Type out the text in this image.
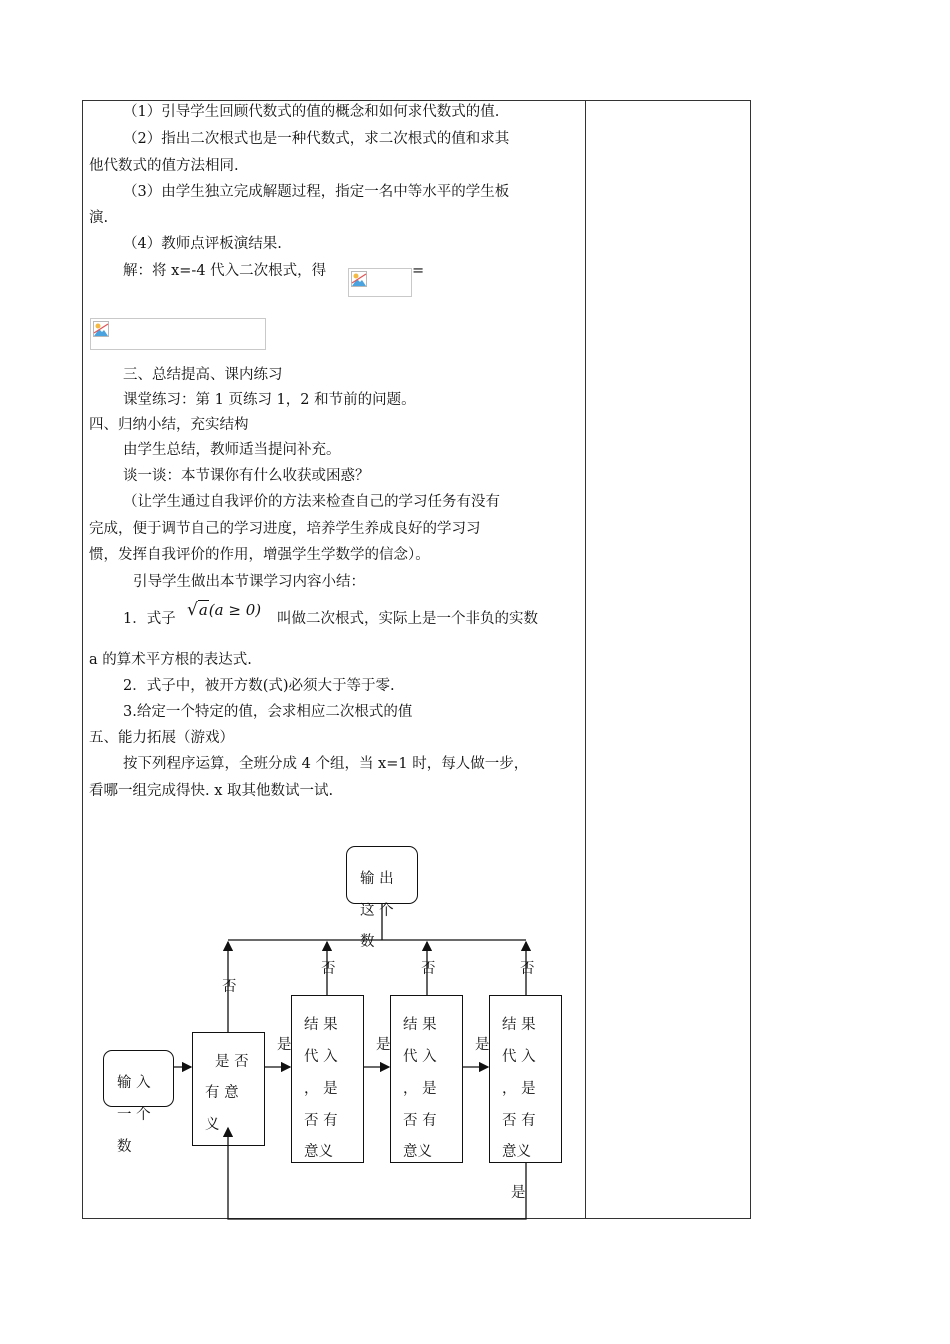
（1）引导学生回顾代数式的值的概念和如何求代数式的值.
（2）指出二次根式也是一种代数式，求二次根式的值和求其
他代数式的值方法相同.
（3）由学生独立完成解题过程，指定一名中等水平的学生板
演.
（4）教师点评板演结果.
解：将 x=-4 代入二次根式，得	=
三、总结提高、课内练习
课堂练习：第 1 页练习 1，2 和节前的问题。
四、归纳小结，充实结构
由学生总结，教师适当提问补充。
谈一谈：本节课你有什么收获或困惑？
（让学生通过自我评价的方法来检查自己的学习任务有没有
完成，便于调节自己的学习进度，培养学生养成良好的学习习
惯，发挥自我评价的作用，增强学生学数学的信念）。
引导学生做出本节课学习内容小结：
1．式子 √a(a ≥ 0) 叫做二次根式，实际上是一个非负的实数
a 的算术平方根的表达式.
2．式子中，被开方数(式)必须大于等于零.
3.给定一个特定的值，会求相应二次根式的值
五、能力拓展（游戏）
按下列程序运算，全班分成 4 个组，当 x=1 时，每人做一步，
看哪一组完成得快. x 取其他数试一试.
输 出
这 个
数
输 入
一 个
数
是 否
有 意
义
结 果
代 入
， 是
否 有
意义
结 果
代 入
， 是
否 有
意义
结 果
代 入
， 是
否 有
意义
否
否	否	否
是	是	是
是
